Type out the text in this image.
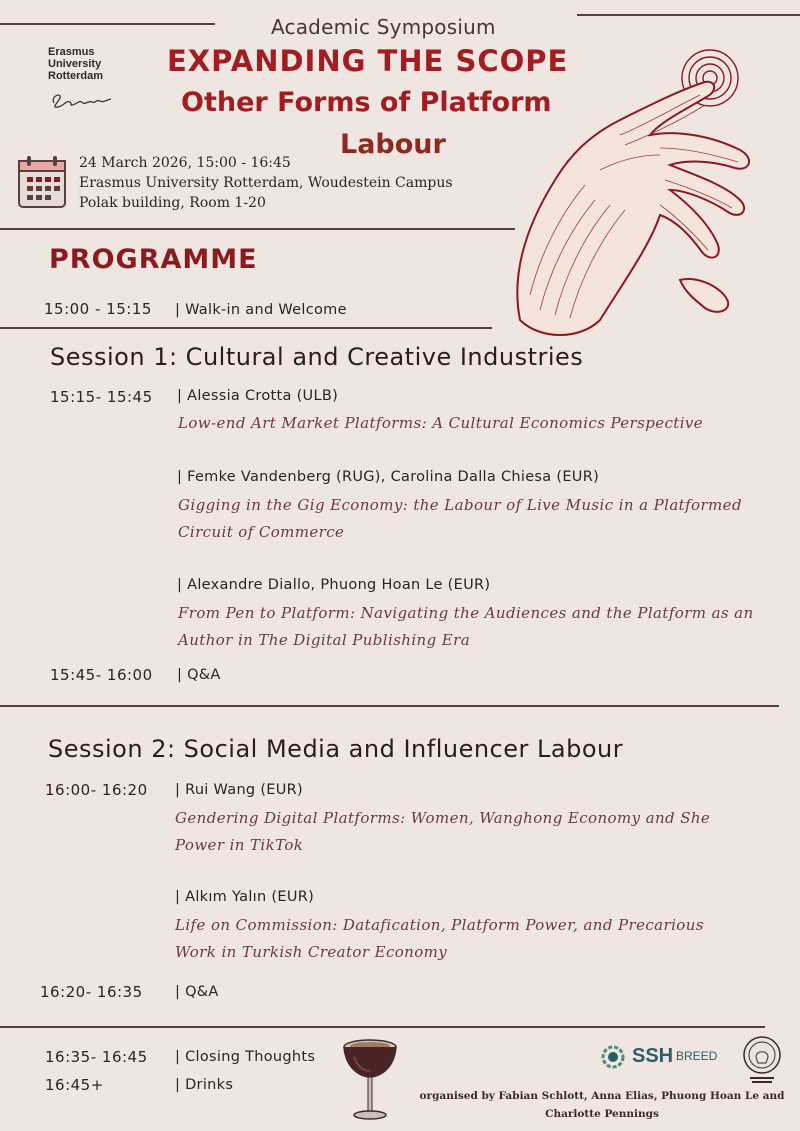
Academic Symposium
EXPANDING THE SCOPE
Other Forms of Platform
Labour
Erasmus
University
Rotterdam
24 March 2026, 15:00 - 16:45
Erasmus University Rotterdam, Woudestein Campus
Polak building, Room 1-20
PROGRAMME
15:00 - 15:15 | Walk-in and Welcome
Session 1: Cultural and Creative Industries
15:15- 15:45 | Alessia Crotta (ULB)
Low-end Art Market Platforms: A Cultural Economics Perspective
| Femke Vandenberg (RUG), Carolina Dalla Chiesa (EUR)
Gigging in the Gig Economy: the Labour of Live Music in a Platformed
Circuit of Commerce
| Alexandre Diallo, Phuong Hoan Le (EUR)
From Pen to Platform: Navigating the Audiences and the Platform as an
Author in The Digital Publishing Era
15:45- 16:00 | Q&A
Session 2: Social Media and Influencer Labour
16:00- 16:20 | Rui Wang (EUR)
Gendering Digital Platforms: Women, Wanghong Economy and She
Power in TikTok
| Alkım Yalın (EUR)
Life on Commission: Datafication, Platform Power, and Precarious
Work in Turkish Creator Economy
16:20- 16:35 | Q&A
16:35- 16:45 | Closing Thoughts
16:45+	| Drinks
SSH BREED
organised by Fabian Schlott, Anna Elias, Phuong Hoan Le and
Charlotte Pennings
